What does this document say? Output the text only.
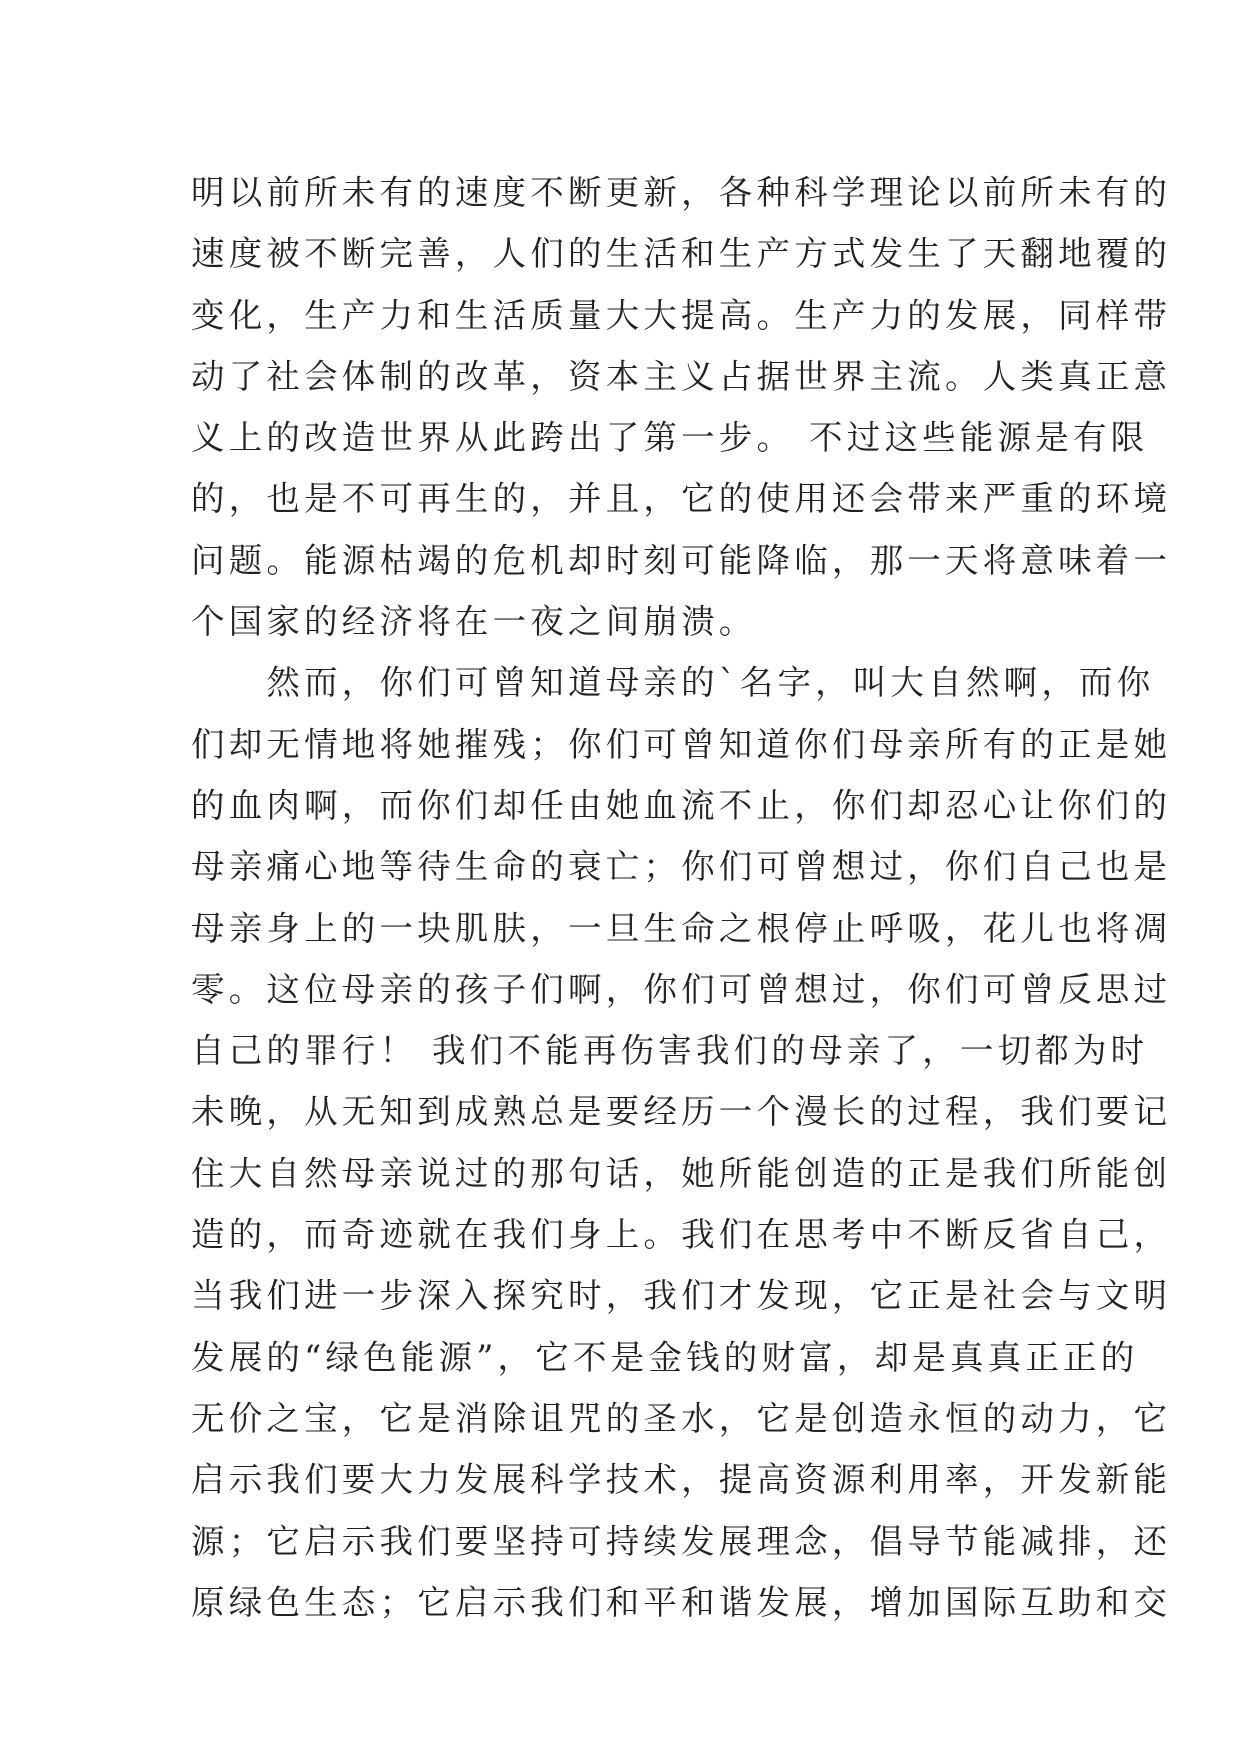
明以前所未有的速度不断更新，各种科学理论以前所未有的
速度被不断完善，人们的生活和生产方式发生了天翻地覆的
变化，生产力和生活质量大大提高。生产力的发展，同样带
动了社会体制的改革，资本主义占据世界主流。人类真正意
义上的改造世界从此跨出了第一步。 不过这些能源是有限
的，也是不可再生的，并且，它的使用还会带来严重的环境
问题。能源枯竭的危机却时刻可能降临，那一天将意味着一
个国家的经济将在一夜之间崩溃。
　　然而，你们可曾知道母亲的`名字，叫大自然啊，而你
们却无情地将她摧残；你们可曾知道你们母亲所有的正是她
的血肉啊，而你们却任由她血流不止，你们却忍心让你们的
母亲痛心地等待生命的衰亡；你们可曾想过，你们自己也是
母亲身上的一块肌肤，一旦生命之根停止呼吸，花儿也将凋
零。这位母亲的孩子们啊，你们可曾想过，你们可曾反思过
自己的罪行！ 我们不能再伤害我们的母亲了，一切都为时
未晚，从无知到成熟总是要经历一个漫长的过程，我们要记
住大自然母亲说过的那句话，她所能创造的正是我们所能创
造的，而奇迹就在我们身上。我们在思考中不断反省自己，
当我们进一步深入探究时，我们才发现，它正是社会与文明
发展的“绿色能源”，它不是金钱的财富，却是真真正正的
无价之宝，它是消除诅咒的圣水，它是创造永恒的动力，它
启示我们要大力发展科学技术，提高资源利用率，开发新能
源；它启示我们要坚持可持续发展理念，倡导节能减排，还
原绿色生态；它启示我们和平和谐发展，增加国际互助和交
